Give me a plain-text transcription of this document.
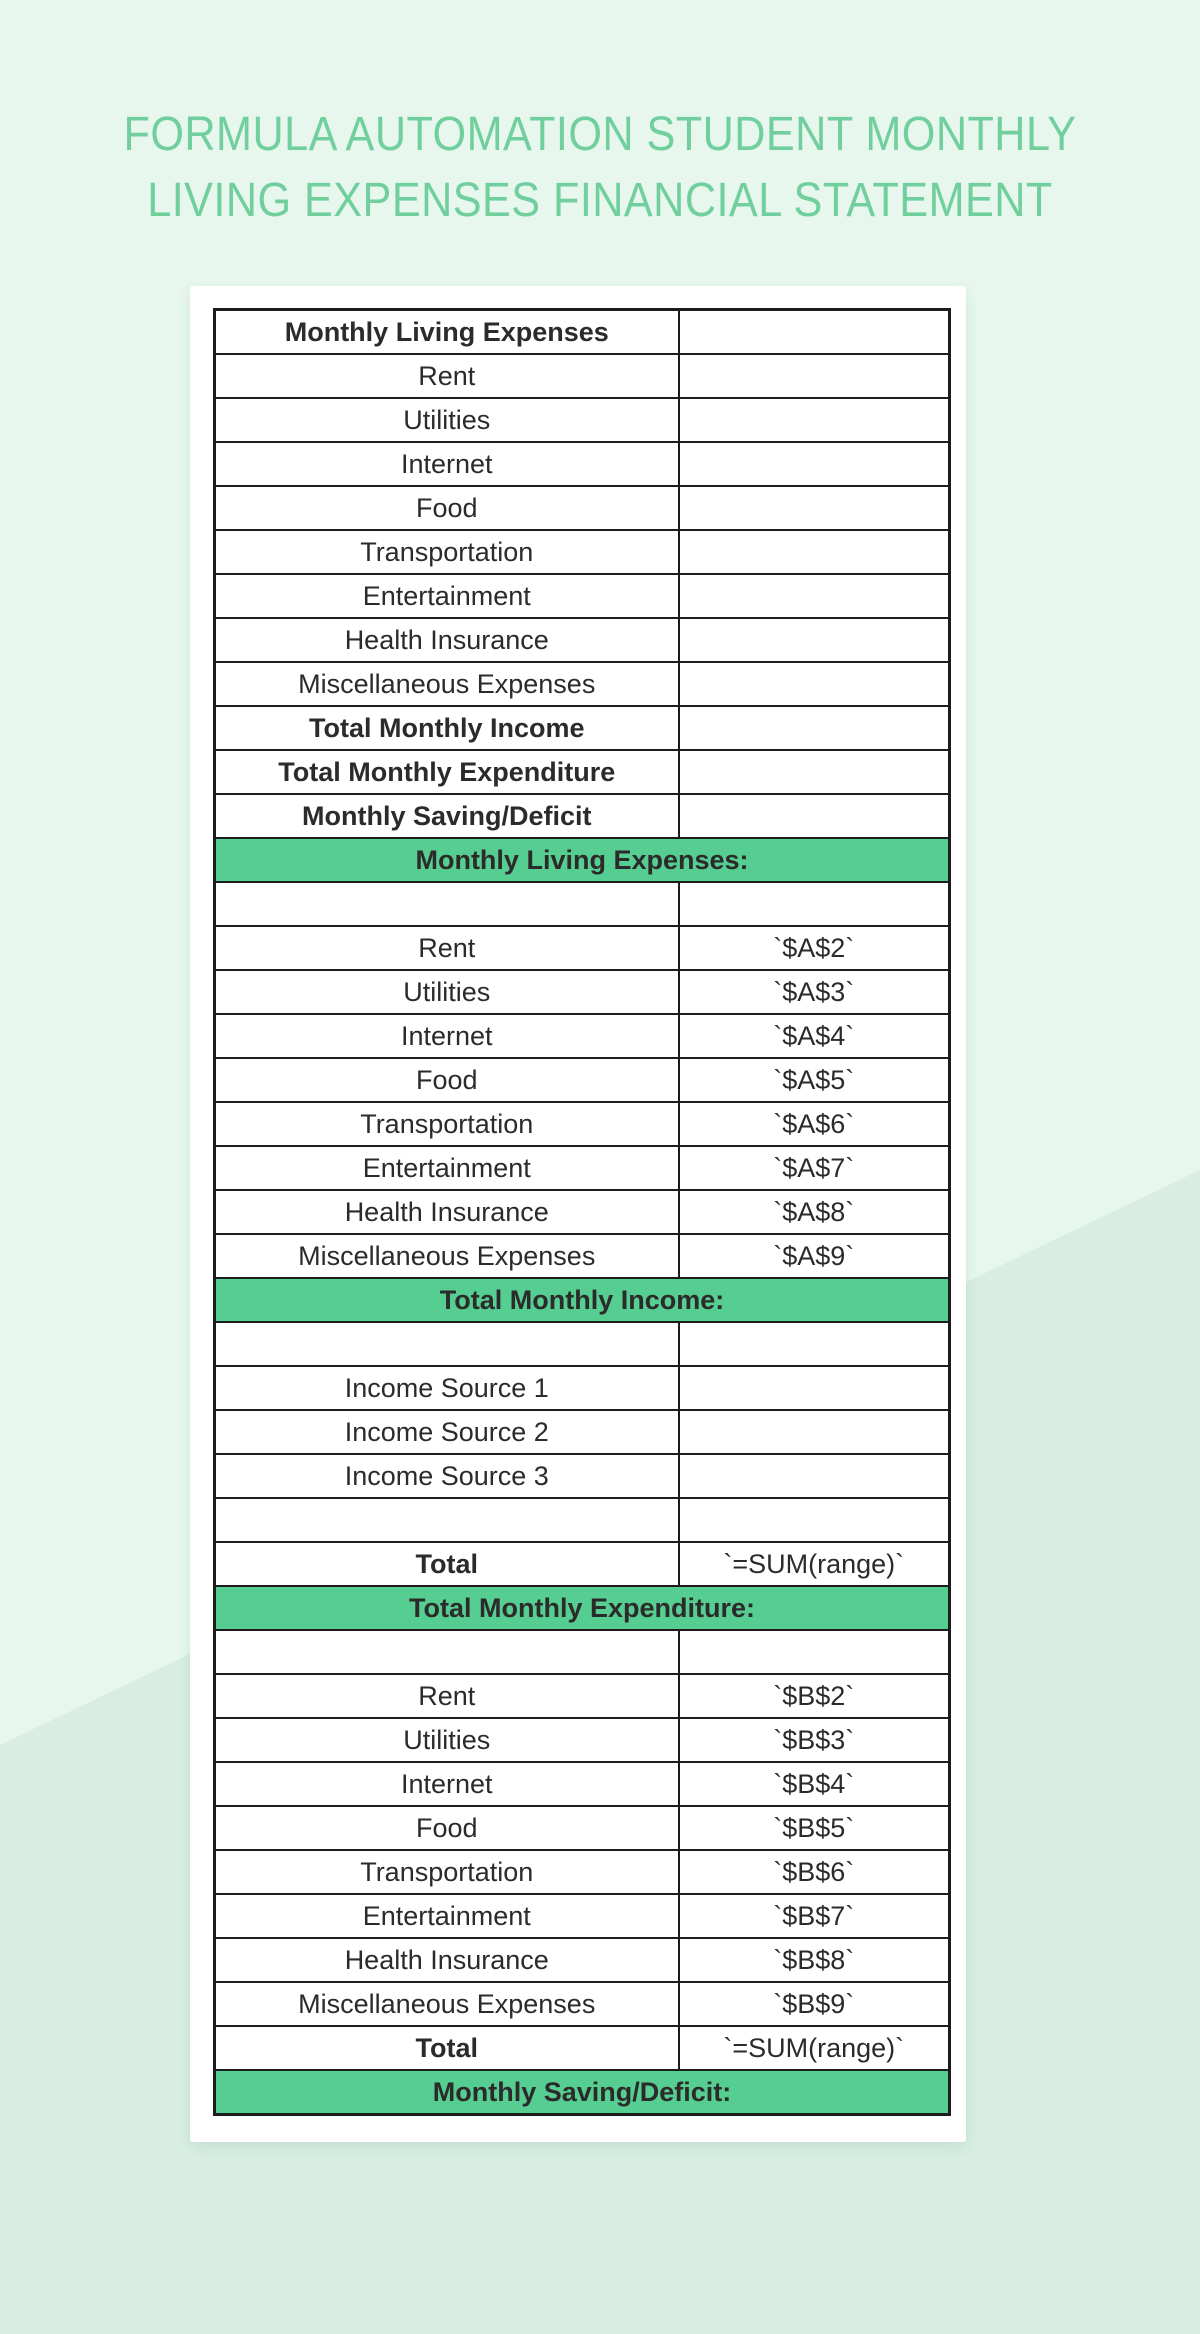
FORMULA AUTOMATION STUDENT MONTHLY
LIVING EXPENSES FINANCIAL STATEMENT
Monthly Living Expenses	
Rent	
Utilities	
Internet	
Food	
Transportation	
Entertainment	
Health Insurance	
Miscellaneous Expenses	
Total Monthly Income	
Total Monthly Expenditure	
Monthly Saving/Deficit	
Monthly Living Expenses:	

Rent	`$A$2`
Utilities	`$A$3`
Internet	`$A$4`
Food	`$A$5`
Transportation	`$A$6`
Entertainment	`$A$7`
Health Insurance	`$A$8`
Miscellaneous Expenses	`$A$9`
Total Monthly Income:	

Income Source 1	
Income Source 2	
Income Source 3	

Total	`=SUM(range)`
Total Monthly Expenditure:	

Rent	`$B$2`
Utilities	`$B$3`
Internet	`$B$4`
Food	`$B$5`
Transportation	`$B$6`
Entertainment	`$B$7`
Health Insurance	`$B$8`
Miscellaneous Expenses	`$B$9`
Total	`=SUM(range)`
Monthly Saving/Deficit:	
